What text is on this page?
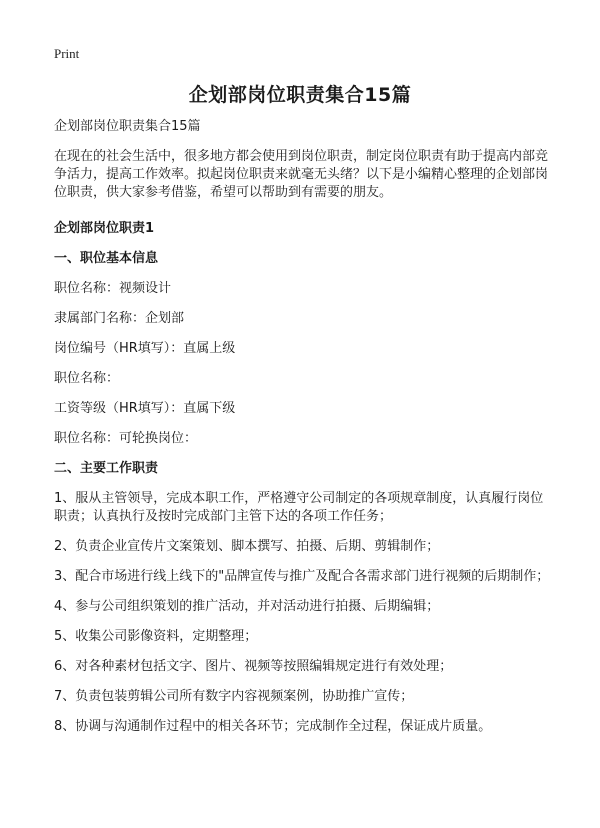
Print
企划部岗位职责集合15篇

企划部岗位职责集合15篇

在现在的社会生活中，很多地方都会使用到岗位职责，制定岗位职责有助于提高内部竞争活力，提高工作效率。拟起岗位职责来就毫无头绪？以下是小编精心整理的企划部岗位职责，供大家参考借鉴，希望可以帮助到有需要的朋友。

企划部岗位职责1

一、职位基本信息

职位名称：视频设计

隶属部门名称：企划部

岗位编号（HR填写）：直属上级

职位名称：

工资等级（HR填写）：直属下级

职位名称：可轮换岗位：

二、主要工作职责

1、服从主管领导，完成本职工作，严格遵守公司制定的各项规章制度，认真履行岗位职责；认真执行及按时完成部门主管下达的各项工作任务；

2、负责企业宣传片文案策划、脚本撰写、拍摄、后期、剪辑制作；

3、配合市场进行线上线下的"品牌宣传与推广及配合各需求部门进行视频的后期制作；

4、参与公司组织策划的推广活动，并对活动进行拍摄、后期编辑；

5、收集公司影像资料，定期整理；

6、对各种素材包括文字、图片、视频等按照编辑规定进行有效处理；

7、负责包装剪辑公司所有数字内容视频案例，协助推广宣传；

8、协调与沟通制作过程中的相关各环节；完成制作全过程，保证成片质量。
